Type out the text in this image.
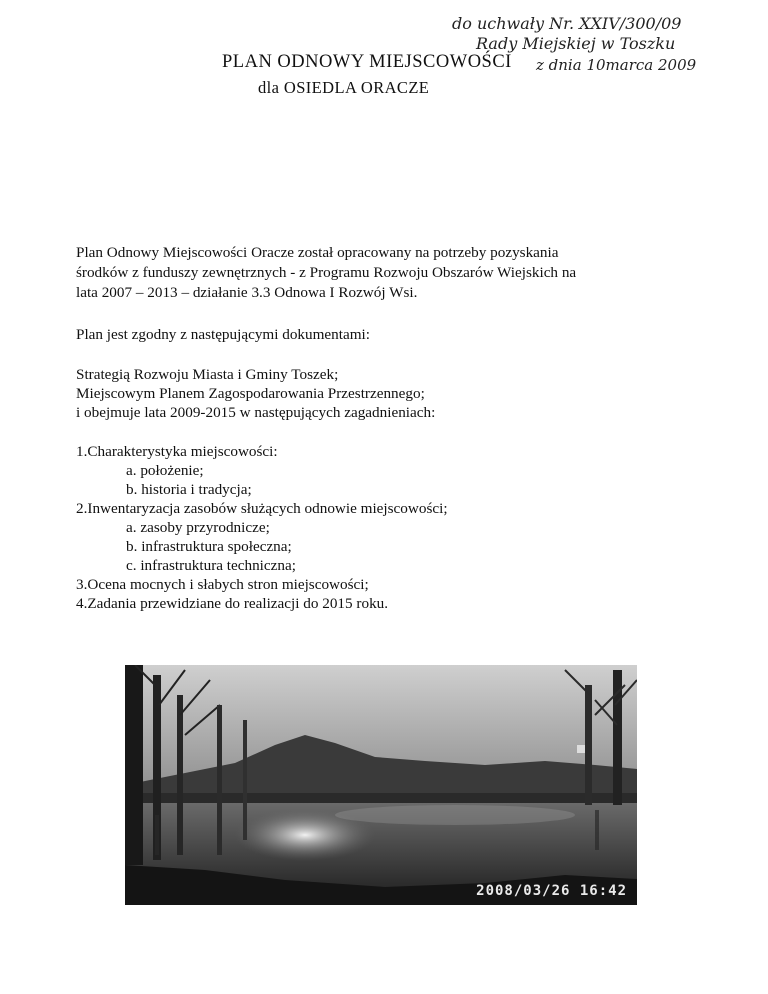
do uchwały Nr. XXIV/300/09
Rady Miejskiej w Toszku
z dnia 10marca 2009
PLAN ODNOWY MIEJSCOWOŚCI
dla OSIEDLA ORACZE
Plan Odnowy Miejscowości Oracze został opracowany na potrzeby pozyskania
środków z funduszy zewnętrznych - z Programu Rozwoju Obszarów Wiejskich na
lata 2007 – 2013 – działanie 3.3 Odnowa I Rozwój Wsi.
Plan jest zgodny z następującymi dokumentami:
Strategią Rozwoju Miasta i Gminy Toszek;
Miejscowym Planem Zagospodarowania Przestrzennego;
i obejmuje lata 2009-2015 w następujących zagadnieniach:
1.Charakterystyka miejscowości:
a. położenie;
b. historia i tradycja;
2.Inwentaryzacja zasobów służących odnowie miejscowości;
a. zasoby przyrodnicze;
b. infrastruktura społeczna;
c. infrastruktura techniczna;
3.Ocena mocnych i słabych stron miejscowości;
4.Zadania przewidziane do realizacji do 2015 roku.
2008/03/26 16:42
